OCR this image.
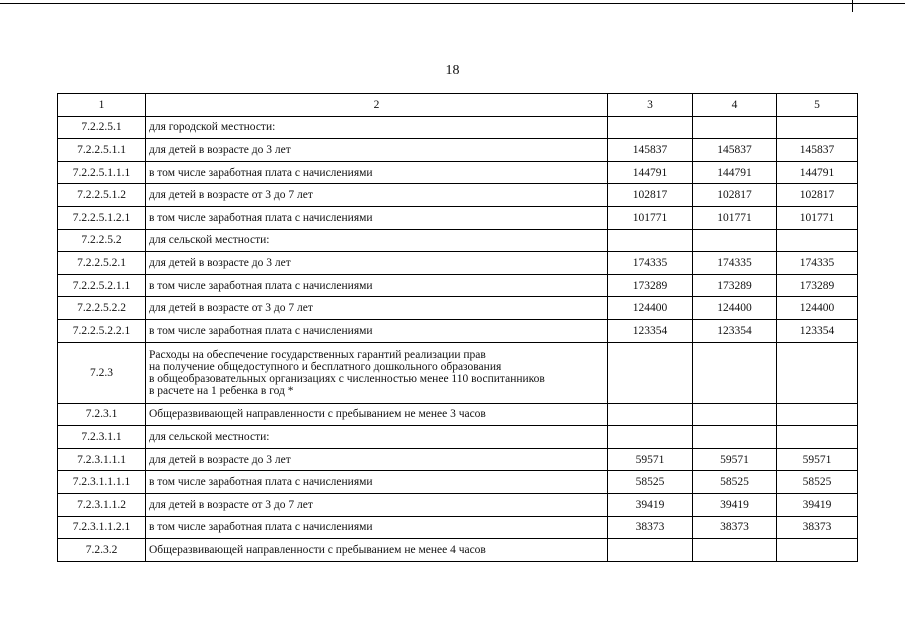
18
1	2	3	4	5
7.2.2.5.1	для городской местности:			
7.2.2.5.1.1	для детей в возрасте до 3 лет	145837	145837	145837
7.2.2.5.1.1.1	в том числе заработная плата с начислениями	144791	144791	144791
7.2.2.5.1.2	для детей в возрасте от 3 до 7 лет	102817	102817	102817
7.2.2.5.1.2.1	в том числе заработная плата с начислениями	101771	101771	101771
7.2.2.5.2	для сельской местности:			
7.2.2.5.2.1	для детей в возрасте до 3 лет	174335	174335	174335
7.2.2.5.2.1.1	в том числе заработная плата с начислениями	173289	173289	173289
7.2.2.5.2.2	для детей в возрасте от 3 до 7 лет	124400	124400	124400
7.2.2.5.2.2.1	в том числе заработная плата с начислениями	123354	123354	123354
7.2.3	Расходы на обеспечение государственных гарантий реализации прав
на получение общедоступного и бесплатного дошкольного образования
в общеобразовательных организациях с численностью менее 110 воспитанников
в расчете на 1 ребенка в год *			

7.2.3.1	Общеразвивающей направленности с пребыванием не менее 3 часов			
7.2.3.1.1	для сельской местности:			
7.2.3.1.1.1	для детей в возрасте до 3 лет	59571	59571	59571
7.2.3.1.1.1.1	в том числе заработная плата с начислениями	58525	58525	58525
7.2.3.1.1.2	для детей в возрасте от 3 до 7 лет	39419	39419	39419
7.2.3.1.1.2.1	в том числе заработная плата с начислениями	38373	38373	38373
7.2.3.2	Общеразвивающей направленности с пребыванием не менее 4 часов			
